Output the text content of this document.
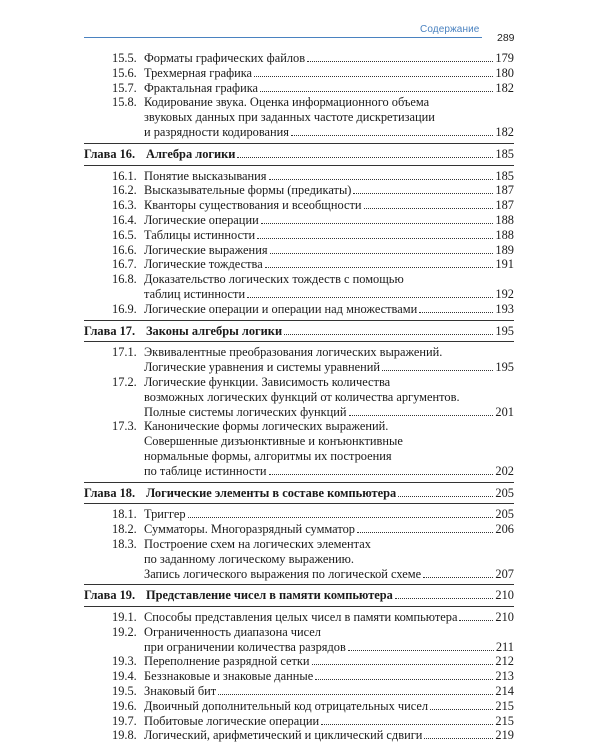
Содержание
289
15.5. Форматы графических файлов	179
15.6. Трехмерная графика	180
15.7. Фрактальная графика	182
15.8. Кодирование звука. Оценка информационного объема
звуковых данных при заданных частоте дискретизации
и разрядности кодирования	182
Глава 16. Алгебра логики	185
16.1. Понятие высказывания	185
16.2. Высказывательные формы (предикаты)	187
16.3. Кванторы существования и всеобщности	187
16.4. Логические операции	188
16.5. Таблицы истинности	188
16.6. Логические выражения	189
16.7. Логические тождества	191
16.8. Доказательство логических тождеств с помощью
таблиц истинности	192
16.9. Логические операции и операции над множествами	193
Глава 17. Законы алгебры логики	195
17.1. Эквивалентные преобразования логических выражений.
Логические уравнения и системы уравнений	195
17.2. Логические функции. Зависимость количества
возможных логических функций от количества аргументов.
Полные системы логических функций	201
17.3. Канонические формы логических выражений.
Совершенные дизъюнктивные и конъюнктивные
нормальные формы, алгоритмы их построения
по таблице истинности	202
Глава 18. Логические элементы в составе компьютера	205
18.1. Триггер	205
18.2. Сумматоры. Многоразрядный сумматор	206
18.3. Построение схем на логических элементах
по заданному логическому выражению.
Запись логического выражения по логической схеме	207
Глава 19. Представление чисел в памяти компьютера	210
19.1. Способы представления целых чисел в памяти компьютера	210
19.2. Ограниченность диапазона чисел
при ограничении количества разрядов	211
19.3. Переполнение разрядной сетки	212
19.4. Беззнаковые и знаковые данные	213
19.5. Знаковый бит	214
19.6. Двоичный дополнительный код отрицательных чисел	215
19.7. Побитовые логические операции	215
19.8. Логический, арифметический и циклический сдвиги	219
